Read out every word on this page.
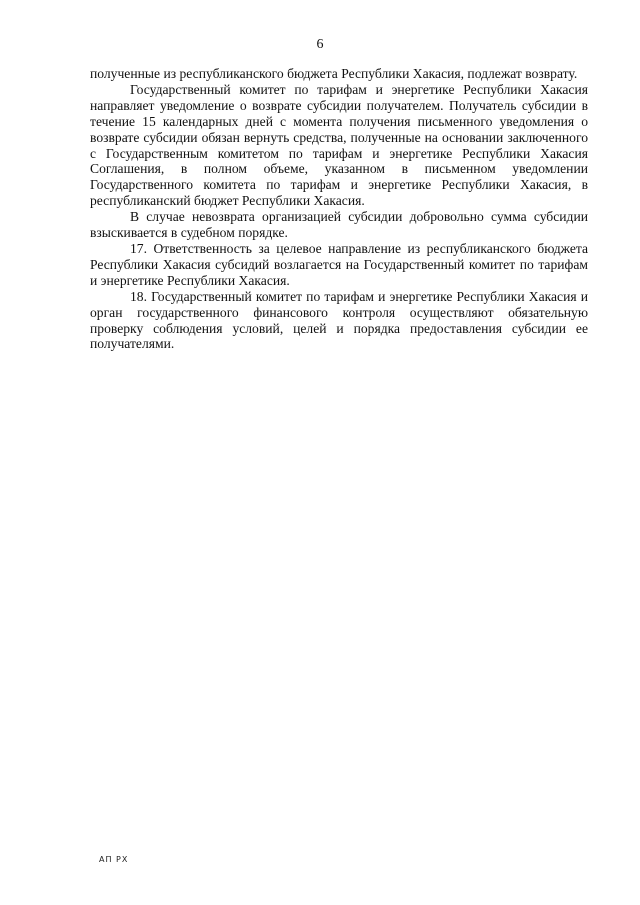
6

полученные из республиканского бюджета Республики Хакасия, подлежат возврату.

Государственный комитет по тарифам и энергетике Республики Хакасия направляет уведомление о возврате субсидии получателем. Получатель субсидии в течение 15 календарных дней с момента получения письменного уведомления о возврате субсидии обязан вернуть средства, полученные на основании заключенного с Государственным комитетом по тарифам и энергетике Республики Хакасия Соглашения, в полном объеме, указанном в письменном уведомлении Государственного комитета по тарифам и энергетике Республики Хакасия, в республиканский бюджет Республики Хакасия.

В случае невозврата организацией субсидии добровольно сумма субсидии взыскивается в судебном порядке.

17. Ответственность за целевое направление из республиканского бюджета Республики Хакасия субсидий возлагается на Государственный комитет по тарифам и энергетике Республики Хакасия.

18. Государственный комитет по тарифам и энергетике Республики Хакасия и орган государственного финансового контроля осуществляют обязательную проверку соблюдения условий, целей и порядка предоставления субсидии ее получателями.

АП РХ
